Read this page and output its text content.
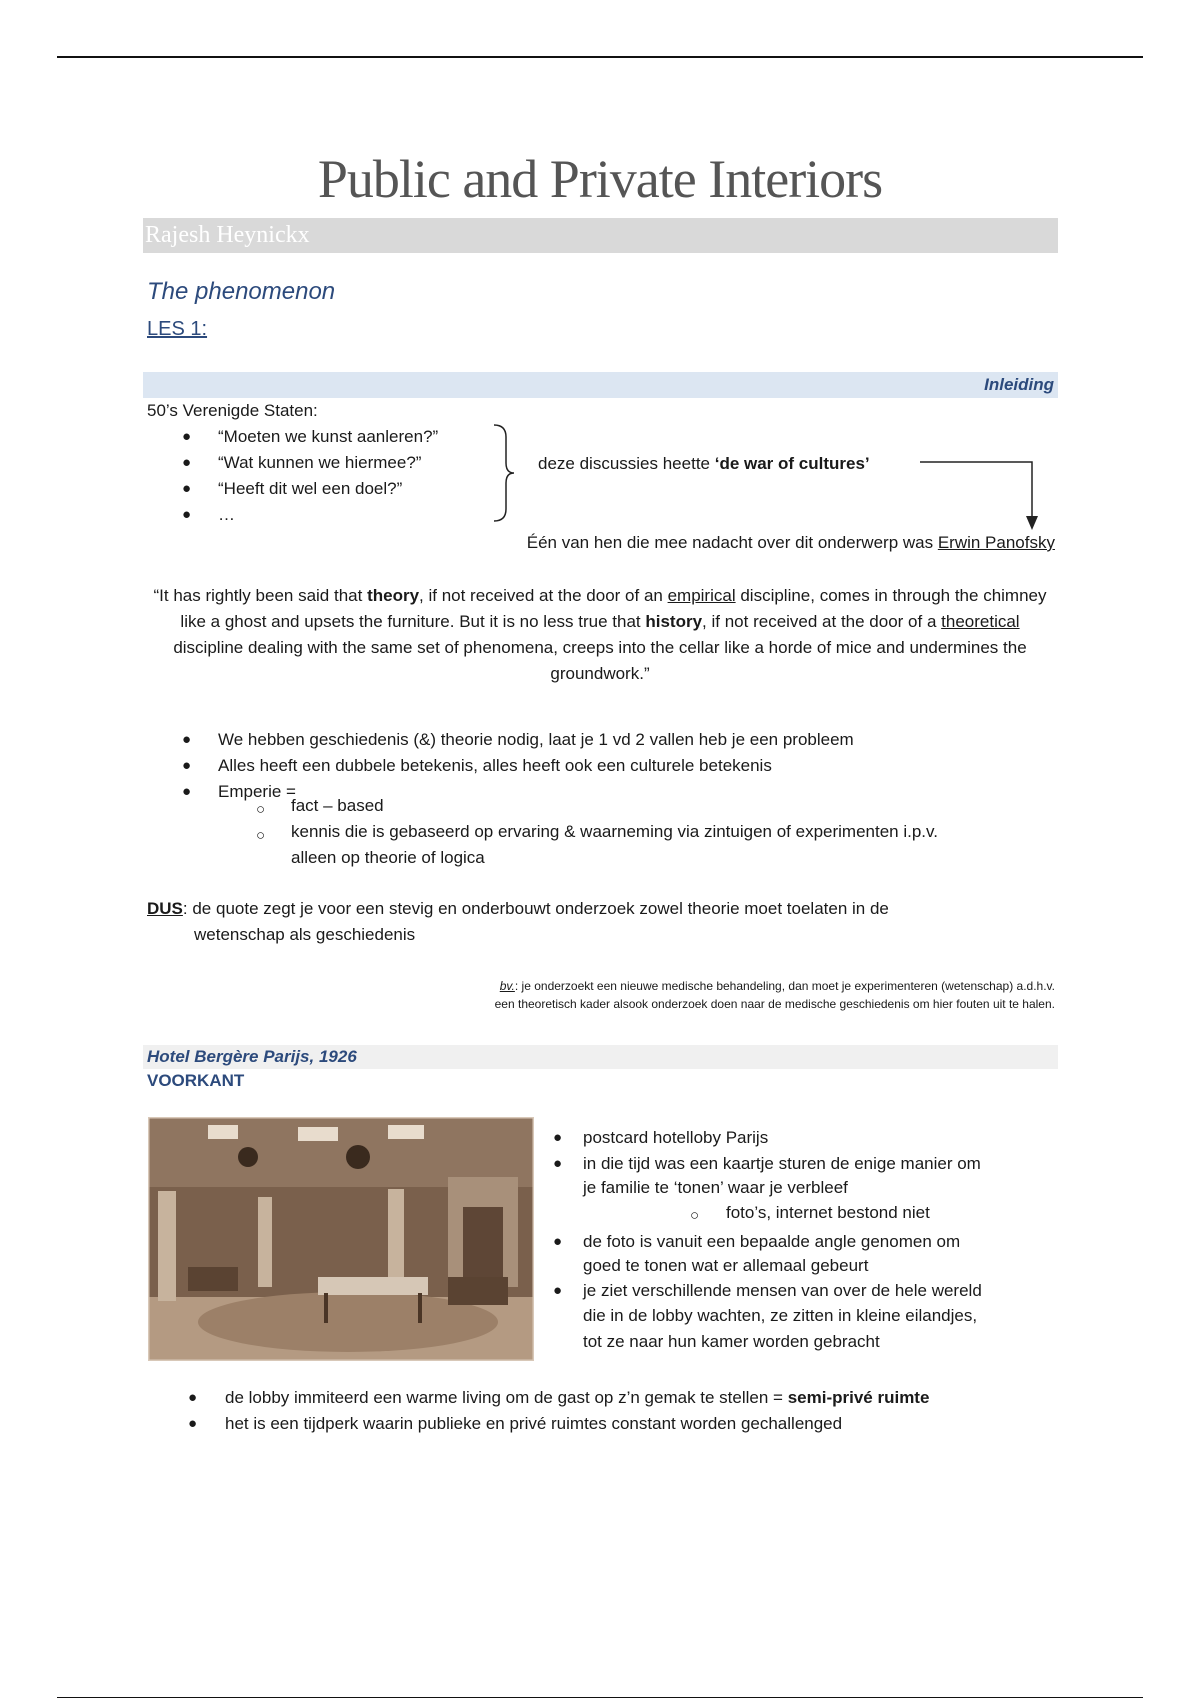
Public and Private Interiors
Rajesh Heynickx
The phenomenon
LES 1:
Inleiding
50’s Verenigde Staten:
● “Moeten we kunst aanleren?”
● “Wat kunnen we hiermee?”
● “Heeft dit wel een doel?”
● …
deze discussies heette ‘de war of cultures’
Één van hen die mee nadacht over dit onderwerp was Erwin Panofsky
“It has rightly been said that theory, if not received at the door of an empirical discipline, comes in through the chimney like a ghost and upsets the furniture. But it is no less true that history, if not received at the door of a theoretical discipline dealing with the same set of phenomena, creeps into the cellar like a horde of mice and undermines the groundwork.”
● We hebben geschiedenis (&) theorie nodig, laat je 1 vd 2 vallen heb je een probleem
● Alles heeft een dubbele betekenis, alles heeft ook een culturele betekenis
● Emperie =
○ fact – based
○ kennis die is gebaseerd op ervaring & waarneming via zintuigen of experimenten i.p.v.
alleen op theorie of logica
DUS: de quote zegt je voor een stevig en onderbouwt onderzoek zowel theorie moet toelaten in de
wetenschap als geschiedenis
bv.: je onderzoekt een nieuwe medische behandeling, dan moet je experimenteren (wetenschap) a.d.h.v.
een theoretisch kader alsook onderzoek doen naar de medische geschiedenis om hier fouten uit te halen.
Hotel Bergère Parijs, 1926
VOORKANT
● postcard hotelloby Parijs
● in die tijd was een kaartje sturen de enige manier om
je familie te ‘tonen’ waar je verbleef
○ foto’s, internet bestond niet
● de foto is vanuit een bepaalde angle genomen om
goed te tonen wat er allemaal gebeurt
● je ziet verschillende mensen van over de hele wereld
die in de lobby wachten, ze zitten in kleine eilandjes,
tot ze naar hun kamer worden gebracht
● de lobby immiteerd een warme living om de gast op z’n gemak te stellen = semi-privé ruimte
● het is een tijdperk waarin publieke en privé ruimtes constant worden gechallenged
